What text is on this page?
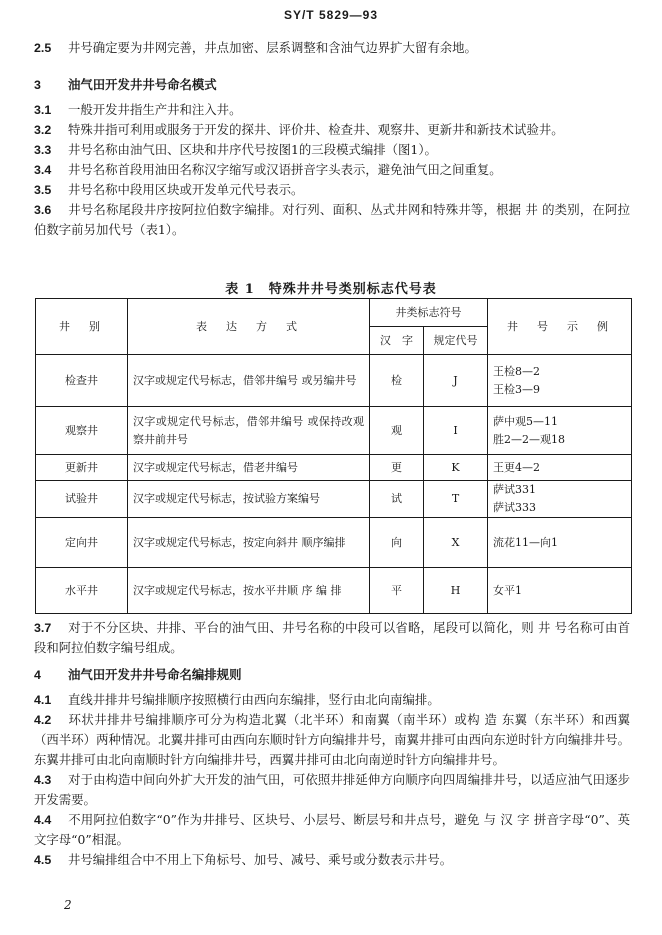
SY/T 5829—93
2.5 井号确定要为井网完善，井点加密、层系调整和含油气边界扩大留有余地。
3 油气田开发井井号命名模式
3.1 一般开发井指生产井和注入井。
3.2 特殊井指可利用或服务于开发的探井、评价井、检查井、观察井、更新井和新技术试验井。
3.3 井号名称由油气田、区块和井序代号按图1的三段模式编排（图1）。
3.4 井号名称首段用油田名称汉字缩写或汉语拼音字头表示，避免油气田之间重复。
3.5 井号名称中段用区块或开发单元代号表示。
3.6 井号名称尾段井序按阿拉伯数字编排。对行列、面积、丛式井网和特殊井等，根据 井 的类别，在阿拉伯数字前另加代号（表1）。
表 1　特殊井井号类别标志代号表
井　别	表　达　方　式	井类标志符号		井　号　示　例
		汉　字	规定代号	
检查井	汉字或规定代号标志，借邻井编号 或另编井号	检	J	王检8—2
王检3—9

观察井	汉字或规定代号标志，借邻井编号 或保持改观察井前井号	观	I	萨中观5—11
胜2—2—观18

更新井	汉字或规定代号标志，借老井编号	更	K	王更4—2

试验井	汉字或规定代号标志，按试验方案编号	试	T	萨试331
萨试333

定向井	汉字或规定代号标志，按定向斜井 顺序编排	向	X	流花11—向1

水平井	汉字或规定代号标志，按水平井顺 序 编 排	平	H	女平1
3.7 对于不分区块、井排、平台的油气田、井号名称的中段可以省略，尾段可以简化，则 井 号名称可由首段和阿拉伯数字编号组成。
4 油气田开发井井号命名编排规则
4.1 直线井排井号编排顺序按照横行由西向东编排，竖行由北向南编排。
4.2 环状井排井号编排顺序可分为构造北翼（北半环）和南翼（南半环）或构 造 东翼（东半环）和西翼（西半环）两种情况。北翼井排可由西向东顺时针方向编排井号，南翼井排可由西向东逆时针方向编排井号。东翼井排可由北向南顺时针方向编排井号，西翼井排可由北向南逆时针方向编排井号。
4.3 对于由构造中间向外扩大开发的油气田，可依照井排延伸方向顺序向四周编排井号，以适应油气田逐步开发需要。
4.4 不用阿拉伯数字“0”作为井排号、区块号、小层号、断层号和井点号，避免 与 汉 字 拼音字母“0”、英文字母“0”相混。
4.5 井号编排组合中不用上下角标号、加号、减号、乘号或分数表示井号。
2
